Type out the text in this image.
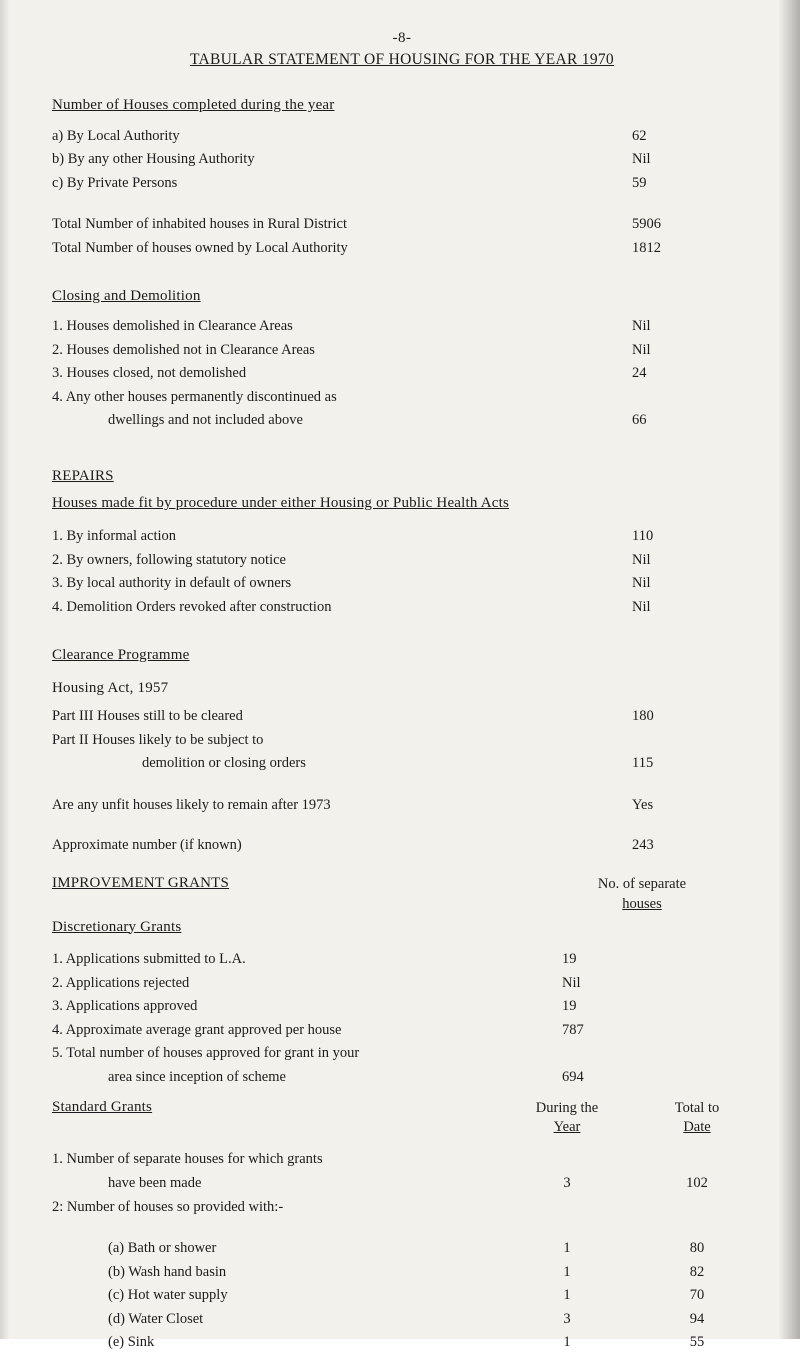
-8-
TABULAR STATEMENT OF HOUSING FOR THE YEAR 1970
Number of Houses completed during the year
a) By Local Authority	62
b) By any other Housing Authority	Nil
c) By Private Persons	59
Total Number of inhabited houses in Rural District	5906
Total Number of houses owned by Local Authority	1812
Closing and Demolition
1. Houses demolished in Clearance Areas	Nil
2. Houses demolished not in Clearance Areas	Nil
3. Houses closed, not demolished	24
4. Any other houses permanently discontinued as	
dwellings and not included above	66
REPAIRS
Houses made fit by procedure under either Housing or Public Health Acts
1. By informal action	110
2. By owners, following statutory notice	Nil
3. By local authority in default of owners	Nil
4. Demolition Orders revoked after construction	Nil
Clearance Programme
Housing Act, 1957
Part III Houses still to be cleared	180
Part II Houses likely to be subject to	
demolition or closing orders	115
Are any unfit houses likely to remain after 1973	Yes

Approximate number (if known)	243
IMPROVEMENT GRANTS	No. of separate
houses
Discretionary Grants
1. Applications submitted to L.A.	19
2. Applications rejected	Nil
3. Applications approved	19
4. Approximate average grant approved per house	787
5. Total number of houses approved for grant in your	
area since inception of scheme	694
Standard Grants	During the
Year
Total to
Date
1. Number of separate houses for which grants		
have been made	3	102
2: Number of houses so provided with:-		
(a) Bath or shower	1	80
(b) Wash hand basin	1	82
(c) Hot water supply	1	70
(d) Water Closet	3	94
(e) Sink	1	55
